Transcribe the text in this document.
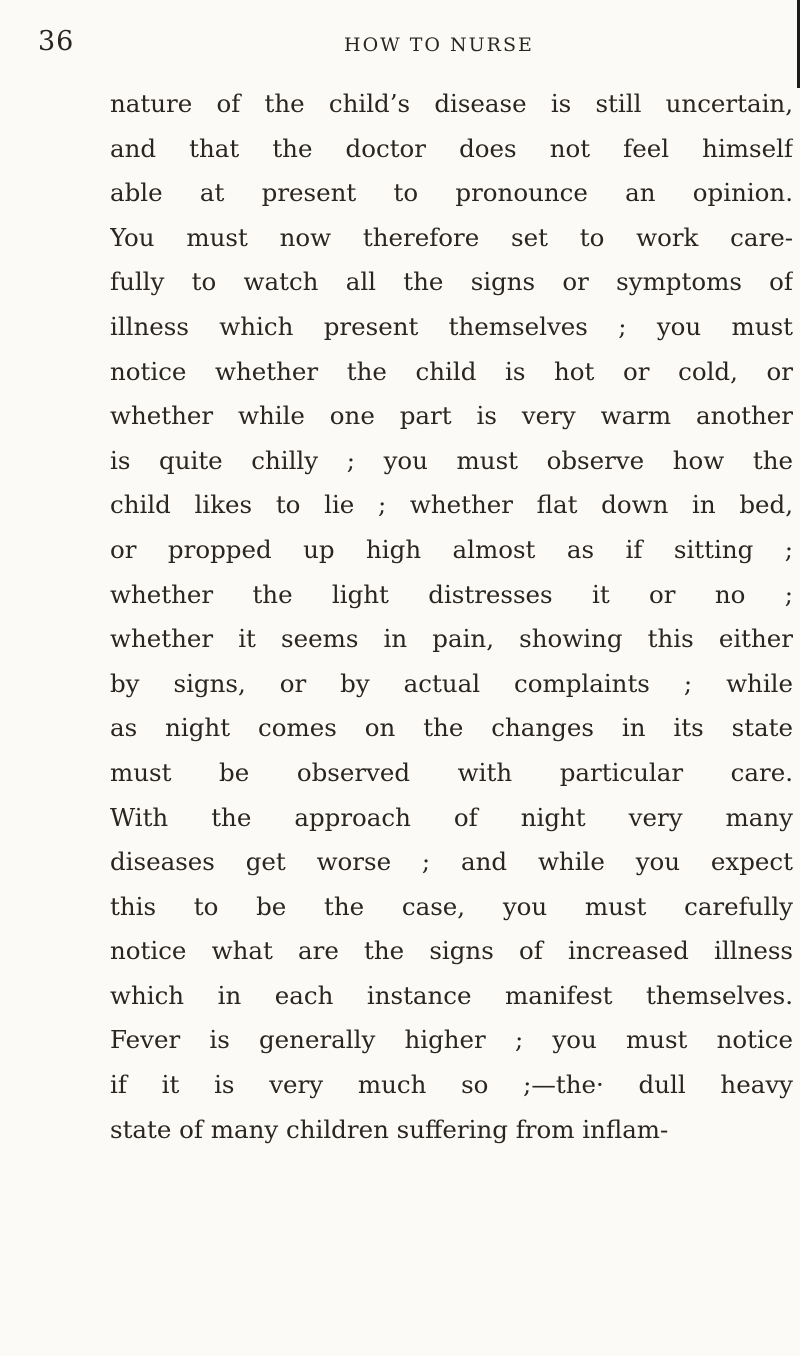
36	HOW TO NURSE
nature of the child’s disease is still uncertain,
and that the doctor does not feel himself
able at present to pronounce an opinion.
You must now therefore set to work care-
fully to watch all the signs or symptoms of
illness which present themselves ; you must
notice whether the child is hot or cold, or
whether while one part is very warm another
is quite chilly ; you must observe how the
child likes to lie ; whether flat down in bed,
or propped up high almost as if sitting ;
whether the light distresses it or no ;
whether it seems in pain, showing this either
by signs, or by actual complaints ; while
as night comes on the changes in its state
must be observed with particular care.
With the approach of night very many
diseases get worse ; and while you expect
this to be the case, you must carefully
notice what are the signs of increased illness
which in each instance manifest themselves.
Fever is generally higher ; you must notice
if it is very much so ;—the· dull heavy
state of many children suffering from inflam-
